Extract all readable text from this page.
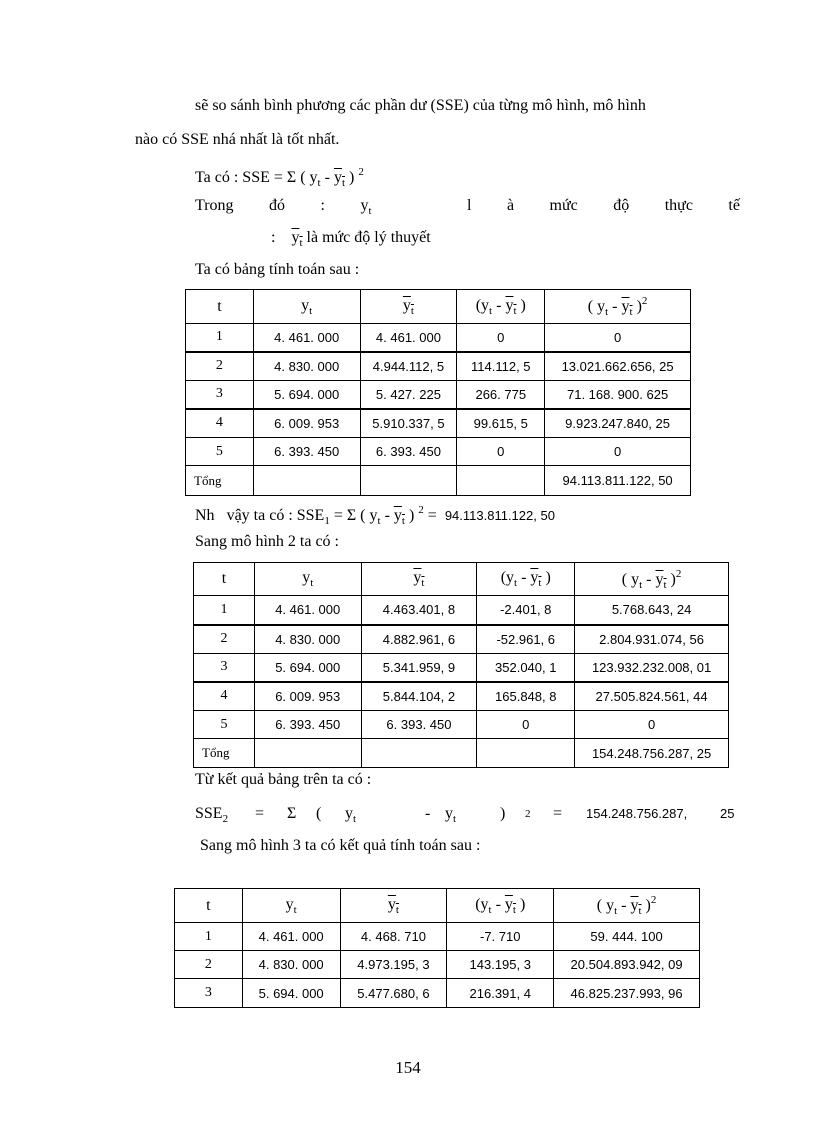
sẽ so sánh bình phương các phần dư (SSE) của từng mô hình, mô hình
nào có SSE nhá nhất là tốt nhất.
Ta có : SSE = Σ ( $y_t - y_t$ ) $^2$
Trong đó : $y_t$	l à mức độ thực tế
: $y_t$ là mức độ lý thuyết
Ta có bảng tính toán sau :
t	$y_t$	$y_t$	($y_t - y_t$ )	( $y_t - y_t$ )$^2$
1	4. 461. 000	4. 461. 000	0	0
2	4. 830. 000	4.944.112, 5	114.112, 5	13.021.662.656, 25
3	5. 694. 000	5. 427. 225	266. 775	71. 168. 900. 625
4	6. 009. 953	5.910.337, 5	99.615, 5	9.923.247.840, 25
5	6. 393. 450	6. 393. 450	0	0
Tổng				94.113.811.122, 50
Nh vậy ta có : $SSE_1 = \Sigma$ ( $y_t - y_t$ ) $^2$ =  94.113.811.122, 50
Sang mô hình 2 ta có :
t	$y_t$	$y_t$	($y_t - y_t$ )	( $y_t - y_t$ )$^2$
1	4. 461. 000	4.463.401, 8	-2.401, 8	5.768.643, 24
2	4. 830. 000	4.882.961, 6	-52.961, 6	2.804.931.074, 56
3	5. 694. 000	5.341.959, 9	352.040, 1	123.932.232.008, 01
4	6. 009. 953	5.844.104, 2	165.848, 8	27.505.824.561, 44
5	6. 393. 450	6. 393. 450	0	0
Tổng				154.248.756.287, 25
Từ kết quả bảng trên ta có :
$SSE_2 = \Sigma$ ( $y_t$	- $y_t$	) 2 = 154.248.756.287,	25
Sang mô hình 3 ta có kết quả tính toán sau :
t	$y_t$	$y_t$	($y_t - y_t$ )	( $y_t - y_t$ )$^2$
1	4. 461. 000	4. 468. 710	-7. 710	59. 444. 100
2	4. 830. 000	4.973.195, 3	143.195, 3	20.504.893.942, 09
3	5. 694. 000	5.477.680, 6	216.391, 4	46.825.237.993, 96
154
